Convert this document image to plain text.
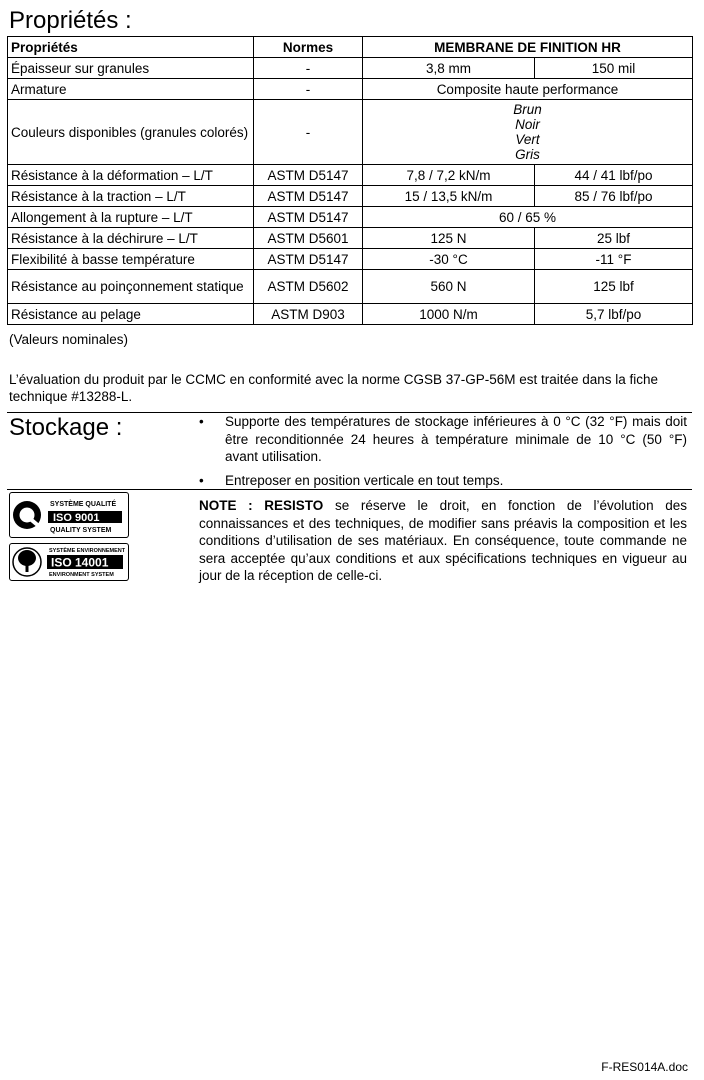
Propriétés :
Propriétés	Normes	MEMBRANE DE FINITION HR	
Épaisseur sur granules	-	3,8 mm	150 mil
Armature	-	Composite haute performance	
Couleurs disponibles (granules colorés)	-	Brun
Noir
Vert
Gris	

Résistance à la déformation – L/T	ASTM D5147	7,8 / 7,2 kN/m	44 / 41 lbf/po
Résistance à la traction – L/T	ASTM D5147	15 / 13,5 kN/m	85 / 76 lbf/po
Allongement à la rupture – L/T	ASTM D5147	60 / 65 %	
Résistance à la déchirure – L/T	ASTM D5601	125 N	25 lbf
Flexibilité à basse température	ASTM D5147	-30 °C	-11 °F
Résistance au poinçonnement statique	ASTM D5602	560 N	125 lbf
Résistance au pelage	ASTM D903	1000 N/m	5,7 lbf/po
(Valeurs nominales)
L’évaluation du produit par le CCMC en conformité avec la norme CGSB 37-GP-56M est traitée dans la fiche technique #13288-L.
Stockage :	• Supporte des températures de stockage inférieures à 0 °C (32 °F) mais doit être reconditionnée 24 heures à température minimale de 10 °C (50 °F) avant utilisation.
• Entreposer en position verticale en tout temps.
SYSTÈME QUALITÉ
ISO 9001
QUALITY SYSTEM
SYSTÈME ENVIRONNEMENT
ISO 14001
ENVIRONMENT SYSTEM
NOTE : RESISTO se réserve le droit, en fonction de l’évolution des connaissances et des techniques, de modifier sans préavis la composition et les conditions d’utilisation de ses matériaux. En conséquence, toute commande ne sera acceptée qu’aux conditions et aux spécifications techniques en vigueur au jour de la réception de celle-ci.
F-RES014A.doc
